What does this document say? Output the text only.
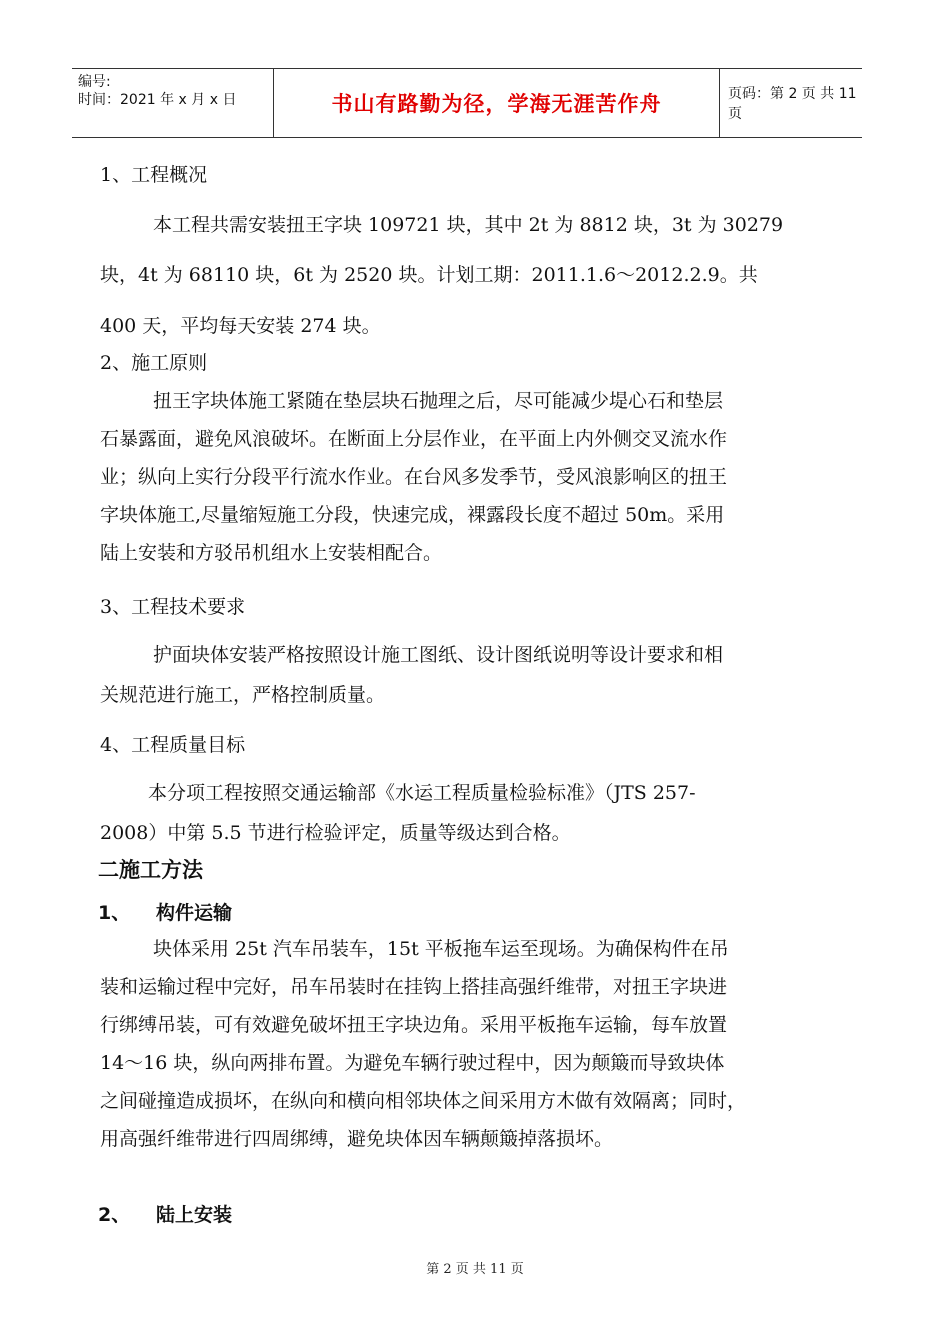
编号:
时间：2021 年 x 月 x 日	书山有路勤为径，学海无涯苦作舟	页码：第 2 页 共 11 页
1、工程概况
本工程共需安装扭王字块 109721 块，其中 2t 为 8812 块，3t 为 30279
块，4t 为 68110 块，6t 为 2520 块。计划工期：2011.1.6～2012.2.9。共
400 天，平均每天安装 274 块。
2、施工原则
扭王字块体施工紧随在垫层块石抛理之后，尽可能减少堤心石和垫层
石暴露面，避免风浪破坏。在断面上分层作业，在平面上内外侧交叉流水作
业；纵向上实行分段平行流水作业。在台风多发季节，受风浪影响区的扭王
字块体施工,尽量缩短施工分段，快速完成，裸露段长度不超过 50m。采用
陆上安装和方驳吊机组水上安装相配合。
3、工程技术要求
护面块体安装严格按照设计施工图纸、设计图纸说明等设计要求和相
关规范进行施工，严格控制质量。
4、工程质量目标
本分项工程按照交通运输部《水运工程质量检验标准》（JTS 257-
2008）中第 5.5 节进行检验评定，质量等级达到合格。
二施工方法
1、 构件运输
块体采用 25t 汽车吊装车，15t 平板拖车运至现场。为确保构件在吊
装和运输过程中完好，吊车吊装时在挂钩上搭挂高强纤维带，对扭王字块进
行绑缚吊装，可有效避免破坏扭王字块边角。采用平板拖车运输，每车放置
14～16 块，纵向两排布置。为避免车辆行驶过程中，因为颠簸而导致块体
之间碰撞造成损坏，在纵向和横向相邻块体之间采用方木做有效隔离；同时，
用高强纤维带进行四周绑缚，避免块体因车辆颠簸掉落损坏。
2、 陆上安装
第 2 页 共 11 页
